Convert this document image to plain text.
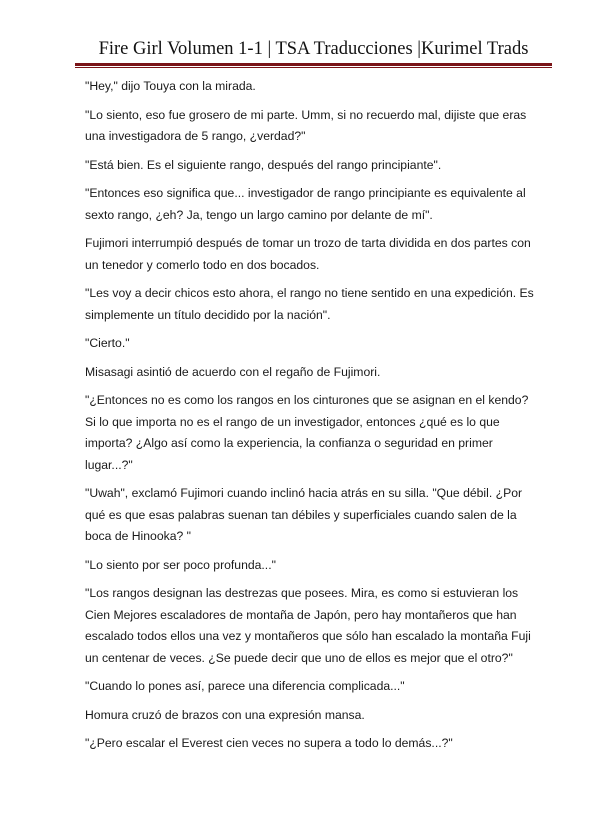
Fire Girl Volumen 1-1 | TSA Traducciones |Kurimel Trads

"Hey," dijo Touya con la mirada.

"Lo siento, eso fue grosero de mi parte. Umm, si no recuerdo mal, dijiste que eras una investigadora de 5 rango, ¿verdad?"

"Está bien. Es el siguiente rango, después del rango principiante".

"Entonces eso significa que... investigador de rango principiante es equivalente al sexto rango, ¿eh? Ja, tengo un largo camino por delante de mí".

Fujimori interrumpió después de tomar un trozo de tarta dividida en dos partes con un tenedor y comerlo todo en dos bocados.

"Les voy a decir chicos esto ahora, el rango no tiene sentido en una expedición. Es simplemente un título decidido por la nación".

"Cierto."

Misasagi asintió de acuerdo con el regaño de Fujimori.

"¿Entonces no es como los rangos en los cinturones que se asignan en el kendo? Si lo que importa no es el rango de un investigador, entonces ¿qué es lo que importa? ¿Algo así como la experiencia, la confianza o seguridad en primer lugar...?"

"Uwah", exclamó Fujimori cuando inclinó hacia atrás en su silla. "Que débil. ¿Por qué es que esas palabras suenan tan débiles y superficiales cuando salen de la boca de Hinooka? "

"Lo siento por ser poco profunda..."

"Los rangos designan las destrezas que posees. Mira, es como si estuvieran los Cien Mejores escaladores de montaña de Japón, pero hay montañeros que han escalado todos ellos una vez y montañeros que sólo han escalado la montaña Fuji un centenar de veces. ¿Se puede decir que uno de ellos es mejor que el otro?"

"Cuando lo pones así, parece una diferencia complicada..."

Homura cruzó de brazos con una expresión mansa.

"¿Pero escalar el Everest cien veces no supera a todo lo demás...?"
